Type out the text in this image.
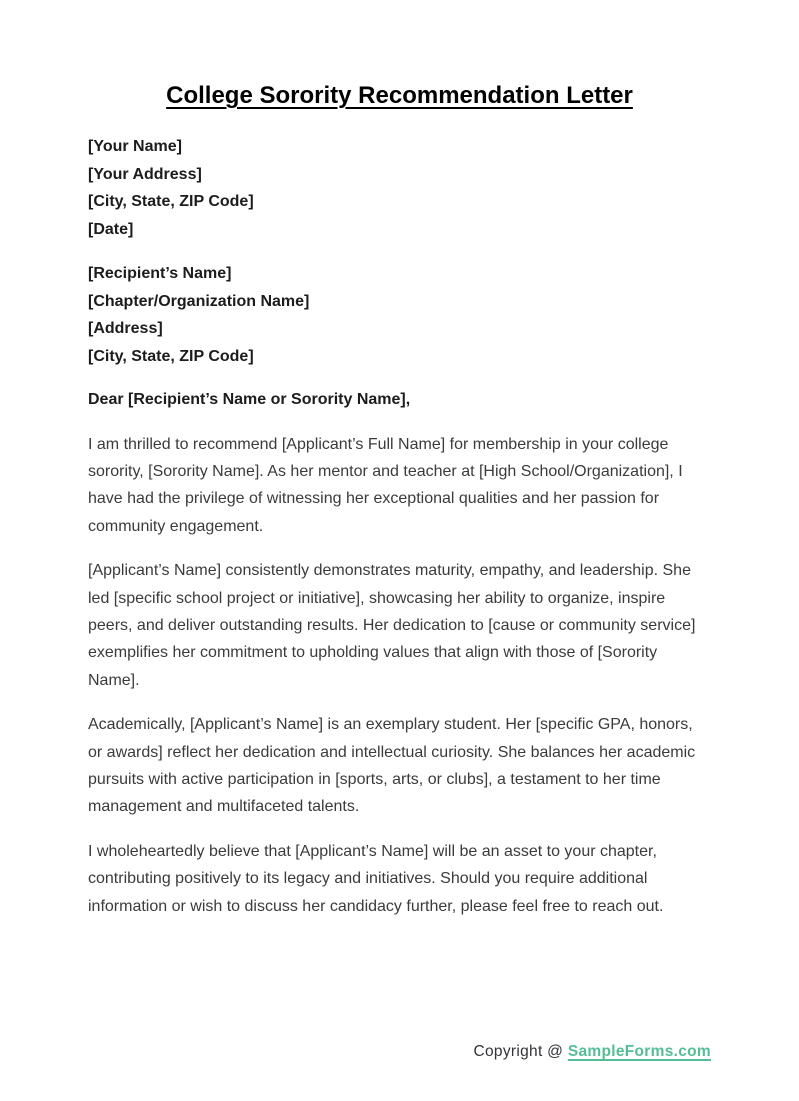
College Sorority Recommendation Letter
[Your Name]
[Your Address]
[City, State, ZIP Code]
[Date]
[Recipient’s Name]
[Chapter/Organization Name]
[Address]
[City, State, ZIP Code]
Dear [Recipient’s Name or Sorority Name],

I am thrilled to recommend [Applicant’s Full Name] for membership in your college sorority, [Sorority Name]. As her mentor and teacher at [High School/Organization], I have had the privilege of witnessing her exceptional qualities and her passion for community engagement.

[Applicant’s Name] consistently demonstrates maturity, empathy, and leadership. She led [specific school project or initiative], showcasing her ability to organize, inspire peers, and deliver outstanding results. Her dedication to [cause or community service] exemplifies her commitment to upholding values that align with those of [Sorority Name].

Academically, [Applicant’s Name] is an exemplary student. Her [specific GPA, honors, or awards] reflect her dedication and intellectual curiosity. She balances her academic pursuits with active participation in [sports, arts, or clubs], a testament to her time management and multifaceted talents.

I wholeheartedly believe that [Applicant’s Name] will be an asset to your chapter, contributing positively to its legacy and initiatives. Should you require additional information or wish to discuss her candidacy further, please feel free to reach out.

Copyright @ SampleForms.com
